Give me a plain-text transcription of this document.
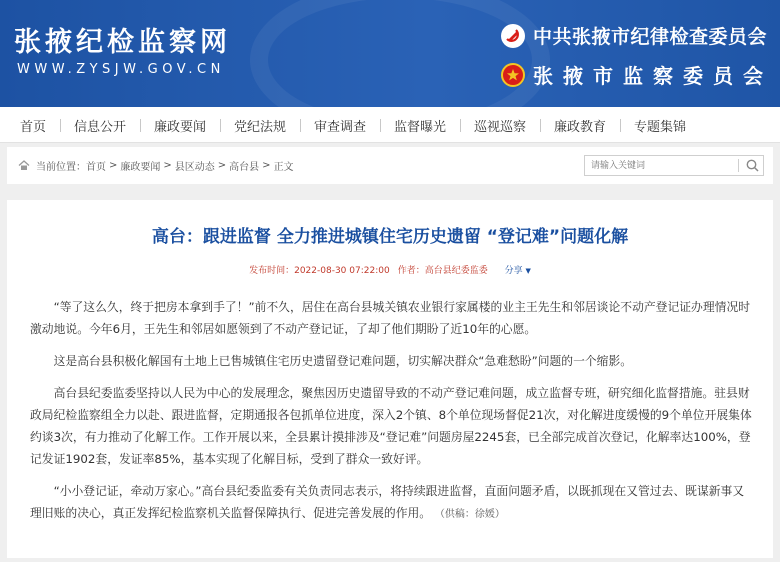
张掖纪检监察网
WWW.ZYSJW.GOV.CN
中共张掖市纪律检查委员会
张掖市监察委员会
首页 信息公开 廉政要闻 党纪法规 审查调查 监督曝光 巡视巡察 廉政教育 专题集锦
当前位置： 首页 > 廉政要闻 > 县区动态 > 高台县 > 正文
请输入关键词
高台：跟进监督 全力推进城镇住宅历史遗留 “登记难”问题化解
发布时间：2022-08-30 07:22:00 作者：高台县纪委监委 分享 ▼

“等了这么久，终于把房本拿到手了！”前不久，居住在高台县城关镇农业银行家属楼的业主王先生和邻居谈论不动产登记证办理情况时激动地说。今年6月，王先生和邻居如愿领到了不动产登记证，了却了他们期盼了近10年的心愿。

这是高台县积极化解国有土地上已售城镇住宅历史遗留登记难问题，切实解决群众“急难愁盼”问题的一个缩影。

高台县纪委监委坚持以人民为中心的发展理念，聚焦因历史遗留导致的不动产登记难问题，成立监督专班，研究细化监督措施。驻县财政局纪检监察组全力以赴、跟进监督，定期通报各包抓单位进度，深入2个镇、8个单位现场督促21次，对化解进度缓慢的9个单位开展集体约谈3次，有力推动了化解工作。工作开展以来，全县累计摸排涉及“登记难”问题房屋2245套，已全部完成首次登记，化解率达100%，登记发证1902套，发证率85%，基本实现了化解目标，受到了群众一致好评。

“小小登记证，牵动万家心。”高台县纪委监委有关负责同志表示，将持续跟进监督，直面问题矛盾，以既抓现在又管过去、既谋新事又理旧账的决心，真正发挥纪检监察机关监督保障执行、促进完善发展的作用。 （供稿：徐媛）
